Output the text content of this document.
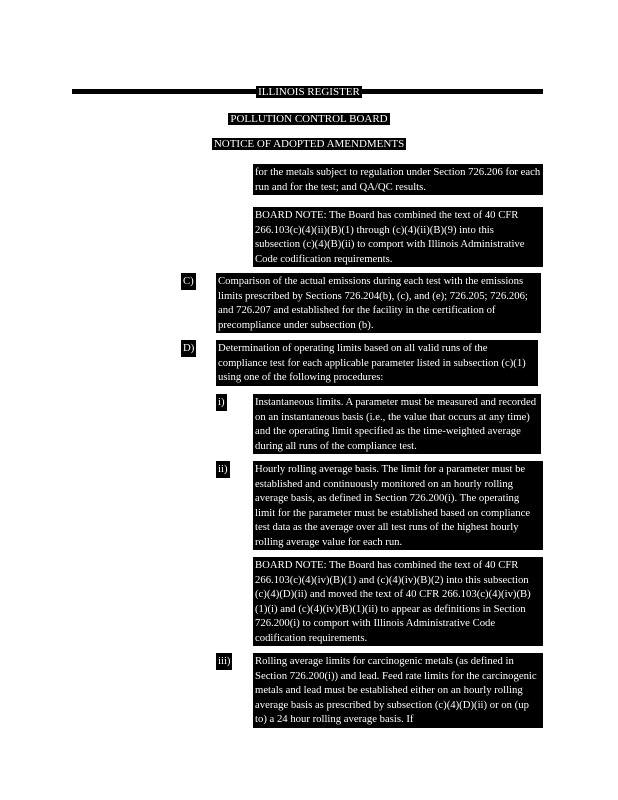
ILLINOIS REGISTER
POLLUTION CONTROL BOARD
NOTICE OF ADOPTED AMENDMENTS
for the metals subject to regulation under Section 726.206 for each run and for the test; and QA/QC results.
BOARD NOTE: The Board has combined the text of 40 CFR 266.103(c)(4)(ii)(B)(1) through (c)(4)(ii)(B)(9) into this subsection (c)(4)(B)(ii) to comport with Illinois Administrative Code codification requirements.
C) Comparison of the actual emissions during each test with the emissions limits prescribed by Sections 726.204(b), (c), and (e); 726.205; 726.206; and 726.207 and established for the facility in the certification of precompliance under subsection (b).
D) Determination of operating limits based on all valid runs of the compliance test for each applicable parameter listed in subsection (c)(1) using one of the following procedures:
i)	Instantaneous limits. A parameter must be measured and recorded on an instantaneous basis (i.e., the value that occurs at any time) and the operating limit specified as the time-weighted average during all runs of the compliance test.
ii)	Hourly rolling average basis. The limit for a parameter must be established and continuously monitored on an hourly rolling average basis, as defined in Section 726.200(i). The operating limit for the parameter must be established based on compliance test data as the average over all test runs of the highest hourly rolling average value for each run.
BOARD NOTE: The Board has combined the text of 40 CFR 266.103(c)(4)(iv)(B)(1) and (c)(4)(iv)(B)(2) into this subsection (c)(4)(D)(ii) and moved the text of 40 CFR 266.103(c)(4)(iv)(B)(1)(i) and (c)(4)(iv)(B)(1)(ii) to appear as definitions in Section 726.200(i) to comport with Illinois Administrative Code codification requirements.
iii) Rolling average limits for carcinogenic metals (as defined in Section 726.200(i)) and lead. Feed rate limits for the carcinogenic metals and lead must be established either on an hourly rolling average basis as prescribed by subsection (c)(4)(D)(ii) or on (up to) a 24 hour rolling average basis. If
